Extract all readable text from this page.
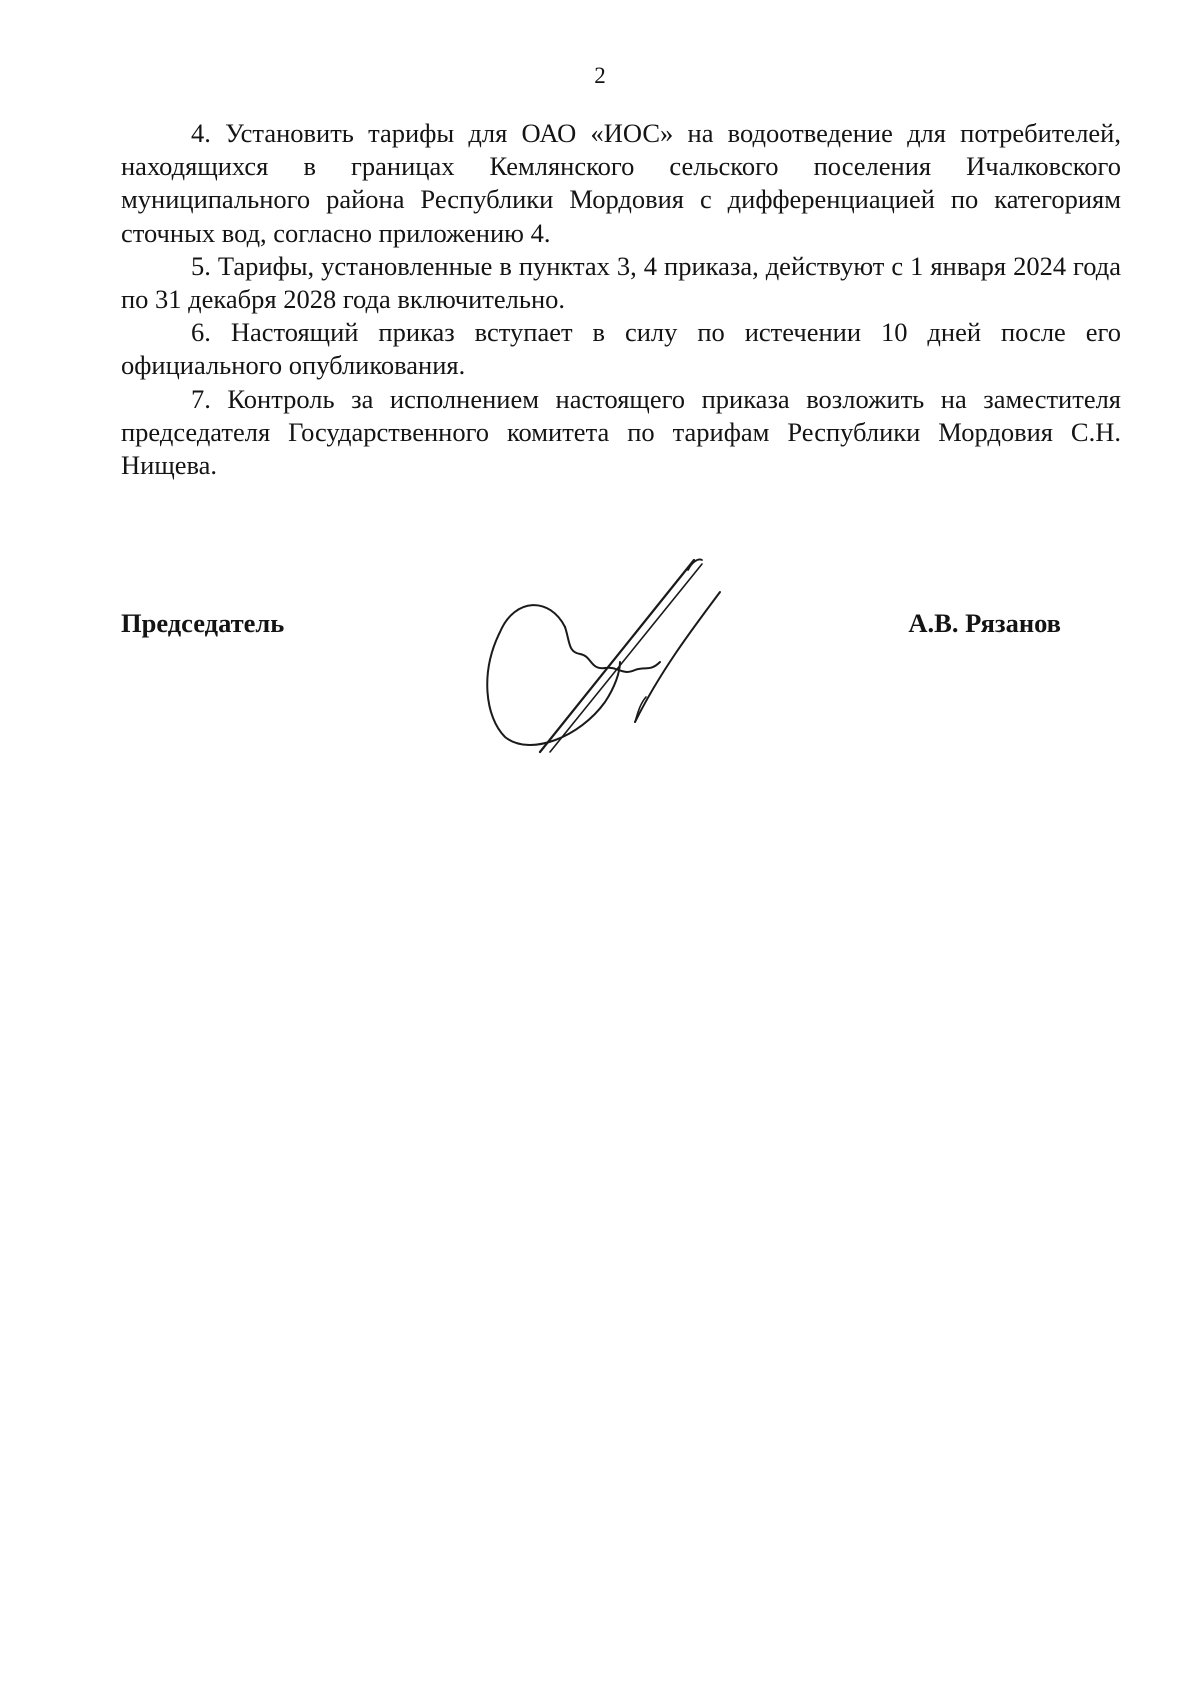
2

4. Установить тарифы для ОАО «ИОС» на водоотведение для потребителей, находящихся в границах Кемлянского сельского поселения Ичалковского муниципального района Республики Мордовия с дифференциацией по категориям сточных вод, согласно приложению 4.

5. Тарифы, установленные в пунктах 3, 4 приказа, действуют с 1 января 2024 года по 31 декабря 2028 года включительно.

6. Настоящий приказ вступает в силу по истечении 10 дней после его официального опубликования.

7. Контроль за исполнением настоящего приказа возложить на заместителя председателя Государственного комитета по тарифам Республики Мордовия С.Н. Нищева.

Председатель	А.В. Рязанов
